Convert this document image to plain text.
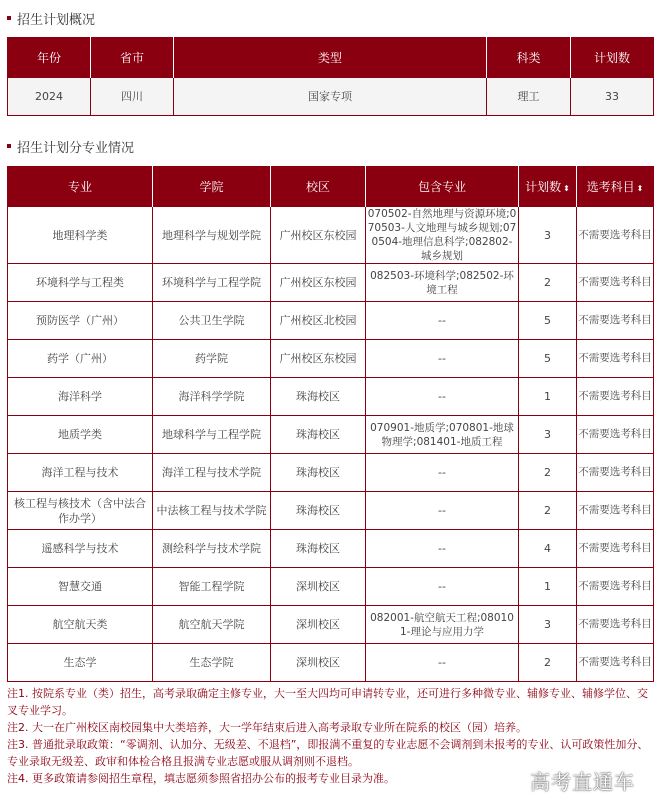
招生计划概况
年份	省市	类型	科类	计划数
2024	四川	国家专项	理工	33
招生计划分专业情况
专业	学院	校区	包含专业	计划数 ⬍	选考科目 ⬍
地理科学类	地理科学与规划学院	广州校区东校园	070502-自然地理与资源环境;070503-人文地理与城乡规划;070504-地理信息科学;082802-城乡规划	3	不需要选考科目
环境科学与工程类	环境科学与工程学院	广州校区东校园	082503-环境科学;082502-环境工程	2	不需要选考科目
预防医学（广州）	公共卫生学院	广州校区北校园	--	5	不需要选考科目
药学（广州）	药学院	广州校区东校园	--	5	不需要选考科目
海洋科学	海洋科学学院	珠海校区	--	1	不需要选考科目
地质学类	地球科学与工程学院	珠海校区	070901-地质学;070801-地球物理学;081401-地质工程	3	不需要选考科目
海洋工程与技术	海洋工程与技术学院	珠海校区	--	2	不需要选考科目
核工程与核技术（含中法合作办学）	中法核工程与技术学院	珠海校区	--	2	不需要选考科目
遥感科学与技术	测绘科学与技术学院	珠海校区	--	4	不需要选考科目
智慧交通	智能工程学院	深圳校区	--	1	不需要选考科目
航空航天类	航空航天学院	深圳校区	082001-航空航天工程;080101-理论与应用力学	3	不需要选考科目
生态学	生态学院	深圳校区	--	2	不需要选考科目

注1. 按院系专业（类）招生，高考录取确定主修专业，大一至大四均可申请转专业，还可进行多种微专业、辅修专业、辅修学位、交叉专业学习。

注2. 大一在广州校区南校园集中大类培养，大一学年结束后进入高考录取专业所在院系的校区（园）培养。

注3. 普通批录取政策：“零调剂、认加分、无级差、不退档”，即报满不重复的专业志愿不会调剂到未报考的专业、认可政策性加分、专业录取无级差、政审和体检合格且报满专业志愿或服从调剂则不退档。

高考直通车
注4. 更多政策请参阅招生章程，填志愿须参照省招办公布的报考专业目录为准。
